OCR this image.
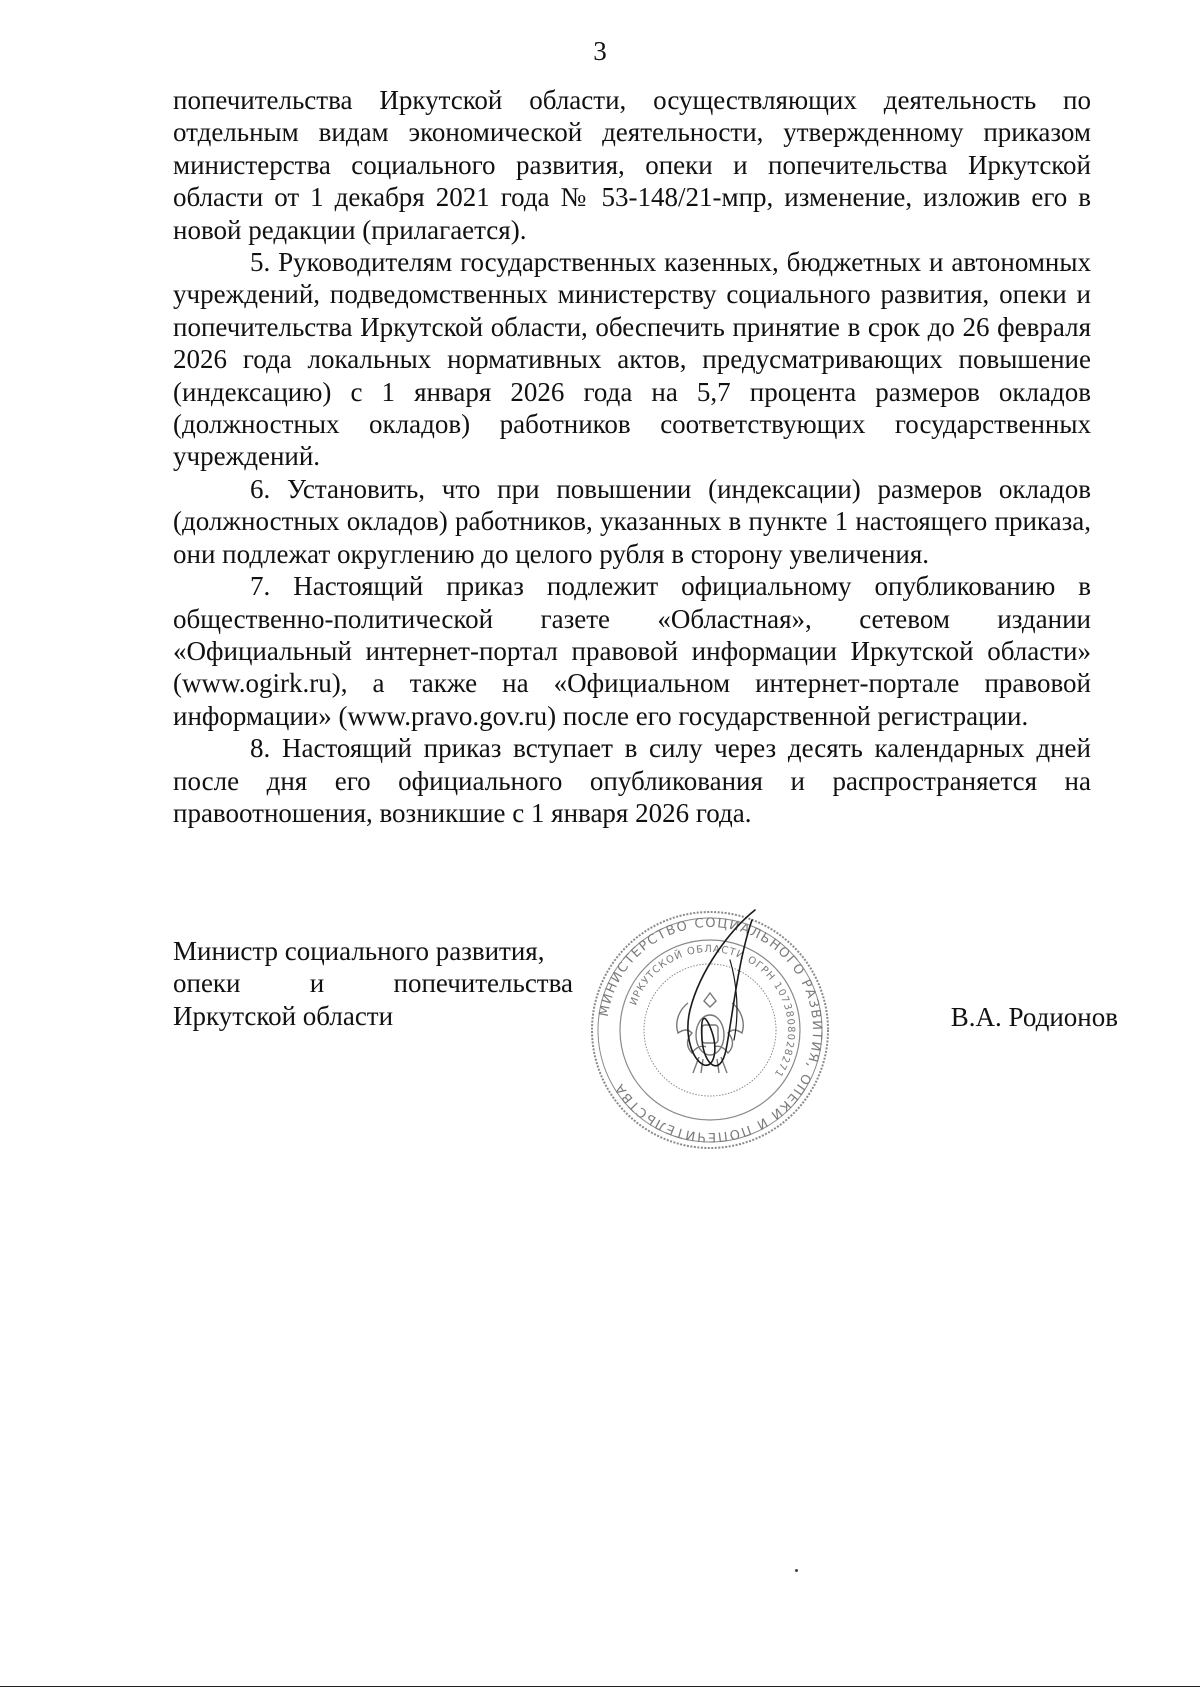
3

попечительства Иркутской области, осуществляющих деятельность по отдельным видам экономической деятельности, утвержденному приказом министерства социального развития, опеки и попечительства Иркутской области от 1 декабря 2021 года № 53-148/21-мпр, изменение, изложив его в новой редакции (прилагается).

5. Руководителям государственных казенных, бюджетных и автономных учреждений, подведомственных министерству социального развития, опеки и попечительства Иркутской области, обеспечить принятие в срок до 26 февраля 2026 года локальных нормативных актов, предусматривающих повышение (индексацию) с 1 января 2026 года на 5,7 процента размеров окладов (должностных окладов) работников соответствующих государственных учреждений.

6. Установить, что при повышении (индексации) размеров окладов (должностных окладов) работников, указанных в пункте 1 настоящего приказа, они подлежат округлению до целого рубля в сторону увеличения.

7. Настоящий приказ подлежит официальному опубликованию в общественно-политической газете «Областная», сетевом издании «Официальный интернет-портал правовой информации Иркутской области» (www.ogirk.ru), а также на «Официальном интернет-портале правовой информации» (www.pravo.gov.ru) после его государственной регистрации.

8. Настоящий приказ вступает в силу через десять календарных дней после дня его официального опубликования и распространяется на правоотношения, возникшие с 1 января 2026 года.

Министр социального развития,
опеки	и	попечительства
Иркутской области	МИНИСТЕРСТВО СОЦИАЛЬНОГО РАЗВИТИЯ, ОПЕКИ И ПОПЕЧИТЕЛЬСТВА
ИРКУТСКОЙ ОБЛАСТИ ОГРН 1073808028271
В.А. Родионов
